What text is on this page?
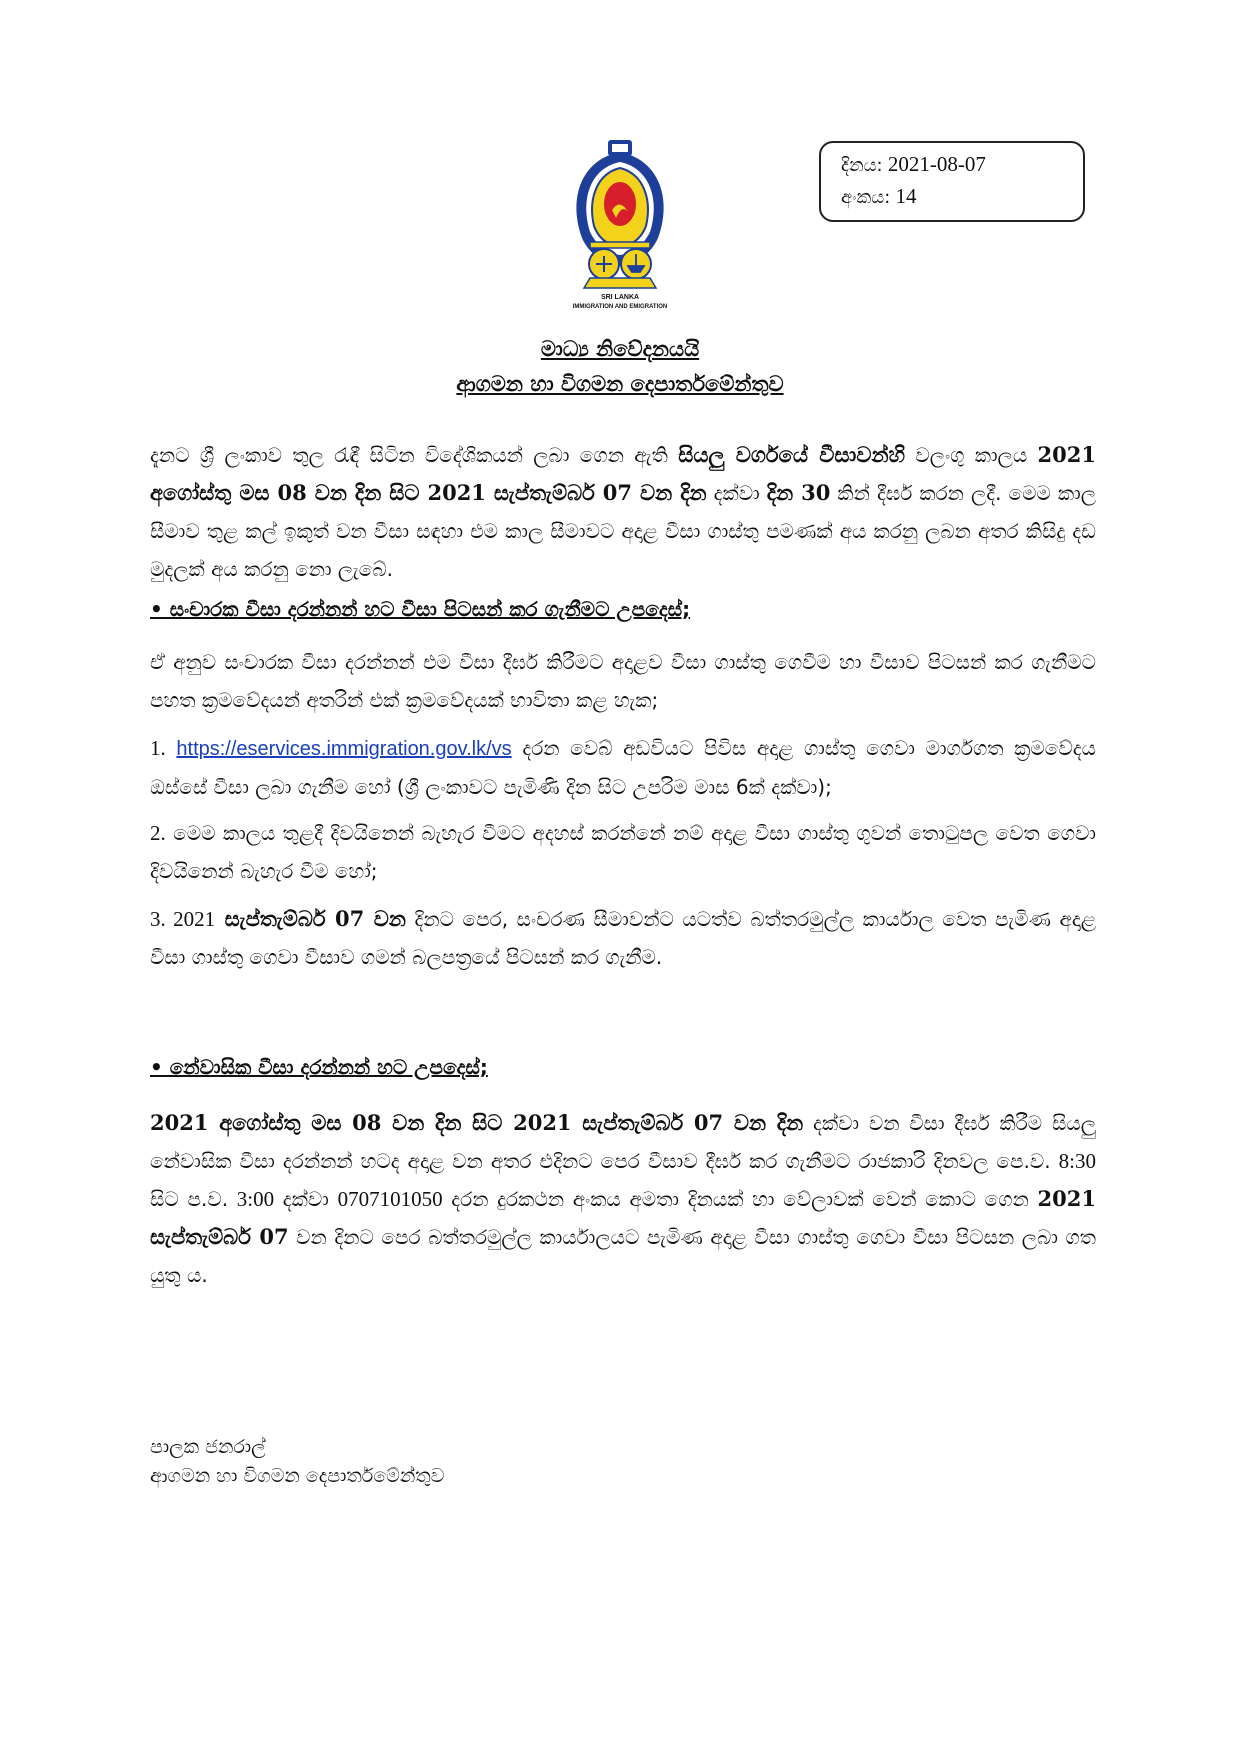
SRI LANKA
IMMIGRATION AND EMIGRATION
දිනය: 2021-08-07
අංකය: 14
මාධ්‍ය නිවේදනයයි
ආගමන හා විගමන දෙපාර්තමේන්තුව
දැනට ශ්‍රී ලංකාව තුල රැඳී සිටින විදේශිකයන් ලබා ගෙන ඇති සියලු වර්ගයේ වීසාවන්හි වලංගු කාලය 2021 අගෝස්තු මස 08 වන දින සිට 2021 සැප්තැම්බර් 07 වන දින දක්වා දින 30 කින් දීර්ඝ කරන ලදී. මෙම කාල සීමාව තුළ කල් ඉකුත් වන වීසා සඳහා එම කාල සීමාවට අදාළ වීසා ගාස්තු පමණක් අය කරනු ලබන අතර කිසිදු දඩ මුදලක් අය කරනු නො ලැබේ.
• සංචාරක වීසා දරන්නන් හට වීසා පිටසන් කර ගැනීමට උපදෙස්;
ඒ අනුව සංචාරක වීසා දරන්නන් එම වීසා දීර්ඝ කිරීමට අදාළව වීසා ගාස්තු ගෙවීම හා වීසාව පිටසන් කර ගැනීමට පහත ක්‍රමවේදයන් අතරින් එක් ක්‍රමවේදයක් භාවිතා කළ හැක;
1. https://eservices.immigration.gov.lk/vs දරන වෙබ් අඩවියට පිවිස අදාළ ගාස්තු ගෙවා මාර්ගගත ක්‍රමවේදය ඔස්සේ වීසා ලබා ගැනීම හෝ (ශ්‍රී ලංකාවට පැමිණි දින සිට උපරිම මාස 6ක් දක්වා);
2. මෙම කාලය තුළදී දිවයිනෙන් බැහැර වීමට අදහස් කරන්නේ නම් අදාළ වීසා ගාස්තු ගුවන් තොටුපල වෙත ගෙවා දිවයිනෙන් බැහැර වීම හෝ;
3. 2021 සැප්තැම්බර් 07 වන දිනට පෙර, සංචරණ සීමාවන්ට යටත්ව බත්තරමුල්ල කාර්යාල වෙත පැමිණ අදාළ වීසා ගාස්තු ගෙවා වීසාව ගමන් බලපත්‍රයේ පිටසන් කර ගැනීම.
• නේවාසික වීසා දරන්නන් හට උපදෙස්;
2021 අගෝස්තු මස 08 වන දින සිට 2021 සැප්තැම්බර් 07 වන දින දක්වා වන වීසා දීර්ඝ කිරීම සියලු නේවාසික වීසා දරන්නන් හටද අදාළ වන අතර එදිනට පෙර වීසාව දීර්ඝ කර ගැනීමට රාජකාරි දිනවල පෙ.ව. 8:30 සිට ප.ව. 3:00 දක්වා 0707101050 දරන දුරකථන අංකය අමතා දිනයක් හා වේලාවක් වෙන් කොට ගෙන 2021 සැප්තැම්බර් 07 වන දිනට පෙර බත්තරමුල්ල කාර්යාලයට පැමිණ අදාළ වීසා ගාස්තු ගෙවා වීසා පිටසන ලබා ගත යුතු ය.
පාලක ජනරාල්
ආගමන හා විගමන දෙපාර්තමේන්තුව
